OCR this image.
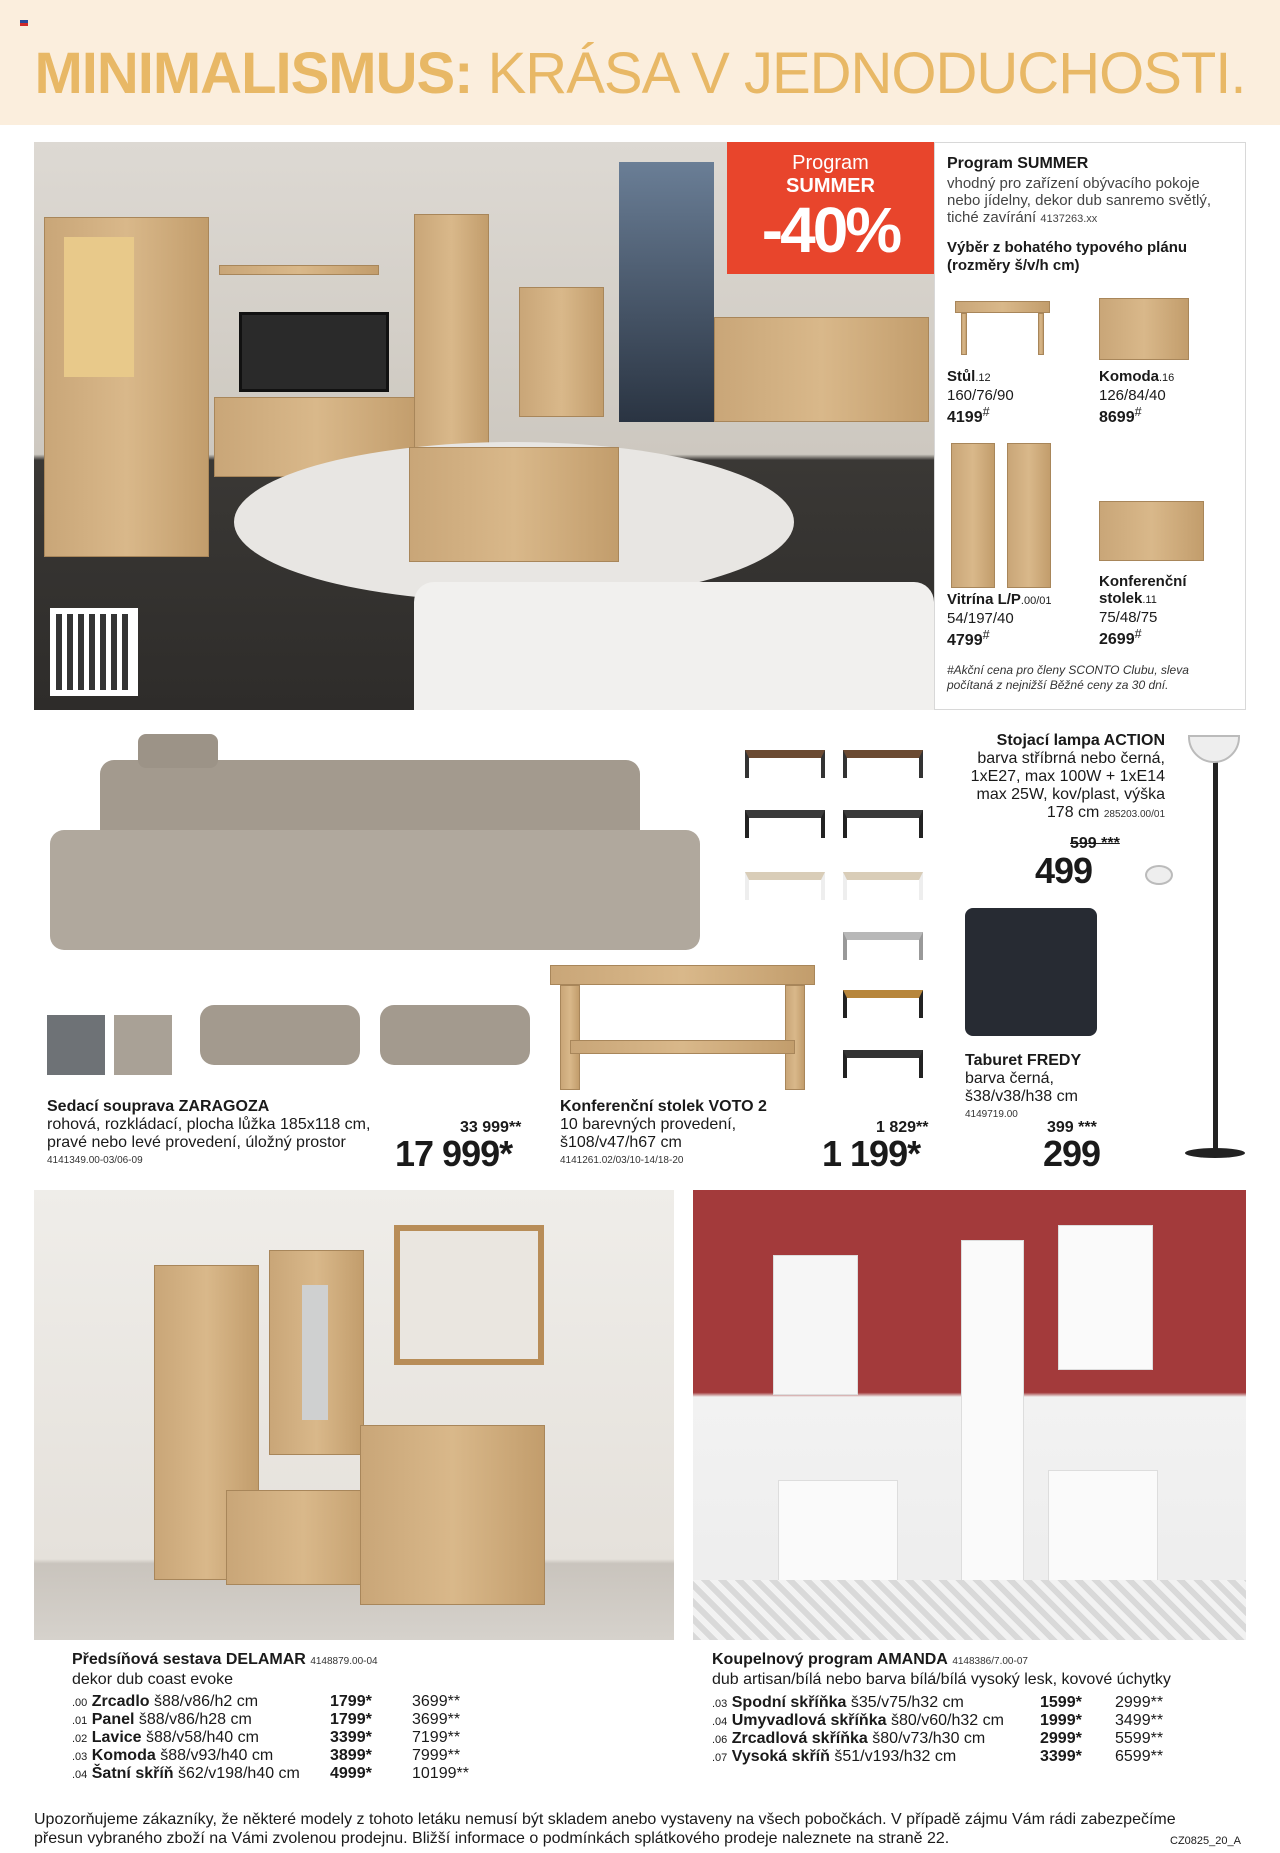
MINIMALISMUS: KRÁSA V JEDNODUCHOSTI.
Program
SUMMER
-40%
Program SUMMER
vhodný pro zařízení obývacího pokoje nebo jídelny, dekor dub sanremo světlý, tiché zavírání 4137263.xx
Výběr z bohatého typového plánu (rozměry š/v/h cm)
Stůl.12
160/76/90
4199#
Komoda.16
126/84/40
8699#
Vitrína L/P.00/01
54/197/40
4799#
Konferenční stolek.11
75/48/75
2699#
#Akční cena pro členy SCONTO Clubu, sleva počítaná z nejnižší Běžné ceny za 30 dní.
Sedací souprava ZARAGOZA
rohová, rozkládací, plocha lůžka 185x118 cm,
pravé nebo levé provedení, úložný prostor
4141349.00-03/06-09
33 999**
17 999*
Konferenční stolek VOTO 2
10 barevných provedení,
š108/v47/h67 cm
4141261.02/03/10-14/18-20
1 829**
1 199*
Stojací lampa ACTION
barva stříbrná nebo černá,
1xE27, max 100W + 1xE14
max 25W, kov/plast, výška
178 cm 285203.00/01
599 ***
499
Taburet FREDY
barva černá,
š38/v38/h38 cm
4149719.00
399 ***
299
Předsíňová sestava DELAMAR 4148879.00-04
dekor dub coast evoke
.00 Zrcadlo š88/v86/h2 cm	1799*	3699**
.01 Panel š88/v86/h28 cm	1799*	3699**
.02 Lavice š88/v58/h40 cm	3399*	7199**
.03 Komoda š88/v93/h40 cm	3899*	7999**
.04 Šatní skříň š62/v198/h40 cm 4999*	10199**
Koupelnový program AMANDA 4148386/7.00-07
dub artisan/bílá nebo barva bílá/bílá vysoký lesk, kovové úchytky
.03 Spodní skříňka š35/v75/h32 cm	1599* 2999**
.04 Umyvadlová skříňka š80/v60/h32 cm 1999* 3499**
.06 Zrcadlová skříňka š80/v73/h30 cm	2999* 5599**
.07 Vysoká skříň š51/v193/h32 cm	3399* 6599**
Upozorňujeme zákazníky, že některé modely z tohoto letáku nemusí být skladem anebo vystaveny na všech pobočkách. V případě zájmu Vám rádi zabezpečíme přesun vybraného zboží na Vámi zvolenou prodejnu. Bližší informace o podmínkách splátkového prodeje naleznete na straně 22.	CZ0825_20_A
